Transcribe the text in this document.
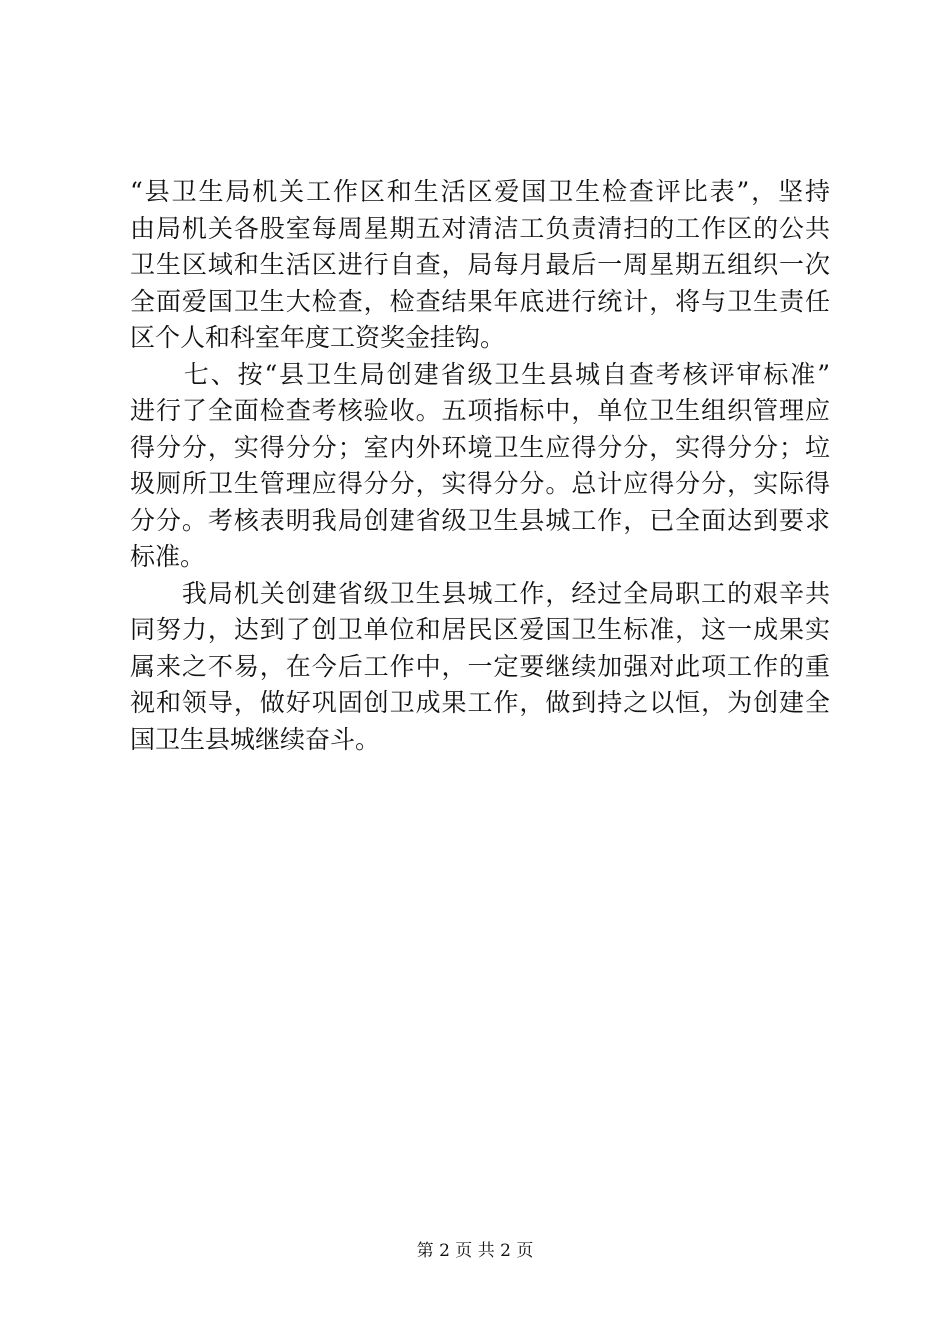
“县卫生局机关工作区和生活区爱国卫生检查评比表”，坚持
由局机关各股室每周星期五对清洁工负责清扫的工作区的公共
卫生区域和生活区进行自查，局每月最后一周星期五组织一次
全面爱国卫生大检查，检查结果年底进行统计，将与卫生责任
区个人和科室年度工资奖金挂钩。
　　七、按“县卫生局创建省级卫生县城自查考核评审标准”
进行了全面检查考核验收。五项指标中，单位卫生组织管理应
得分分，实得分分；室内外环境卫生应得分分，实得分分；垃
圾厕所卫生管理应得分分，实得分分。总计应得分分，实际得
分分。考核表明我局创建省级卫生县城工作，已全面达到要求
标准。
　　我局机关创建省级卫生县城工作，经过全局职工的艰辛共
同努力，达到了创卫单位和居民区爱国卫生标准，这一成果实
属来之不易，在今后工作中，一定要继续加强对此项工作的重
视和领导，做好巩固创卫成果工作，做到持之以恒，为创建全
国卫生县城继续奋斗。
第 2 页 共 2 页
